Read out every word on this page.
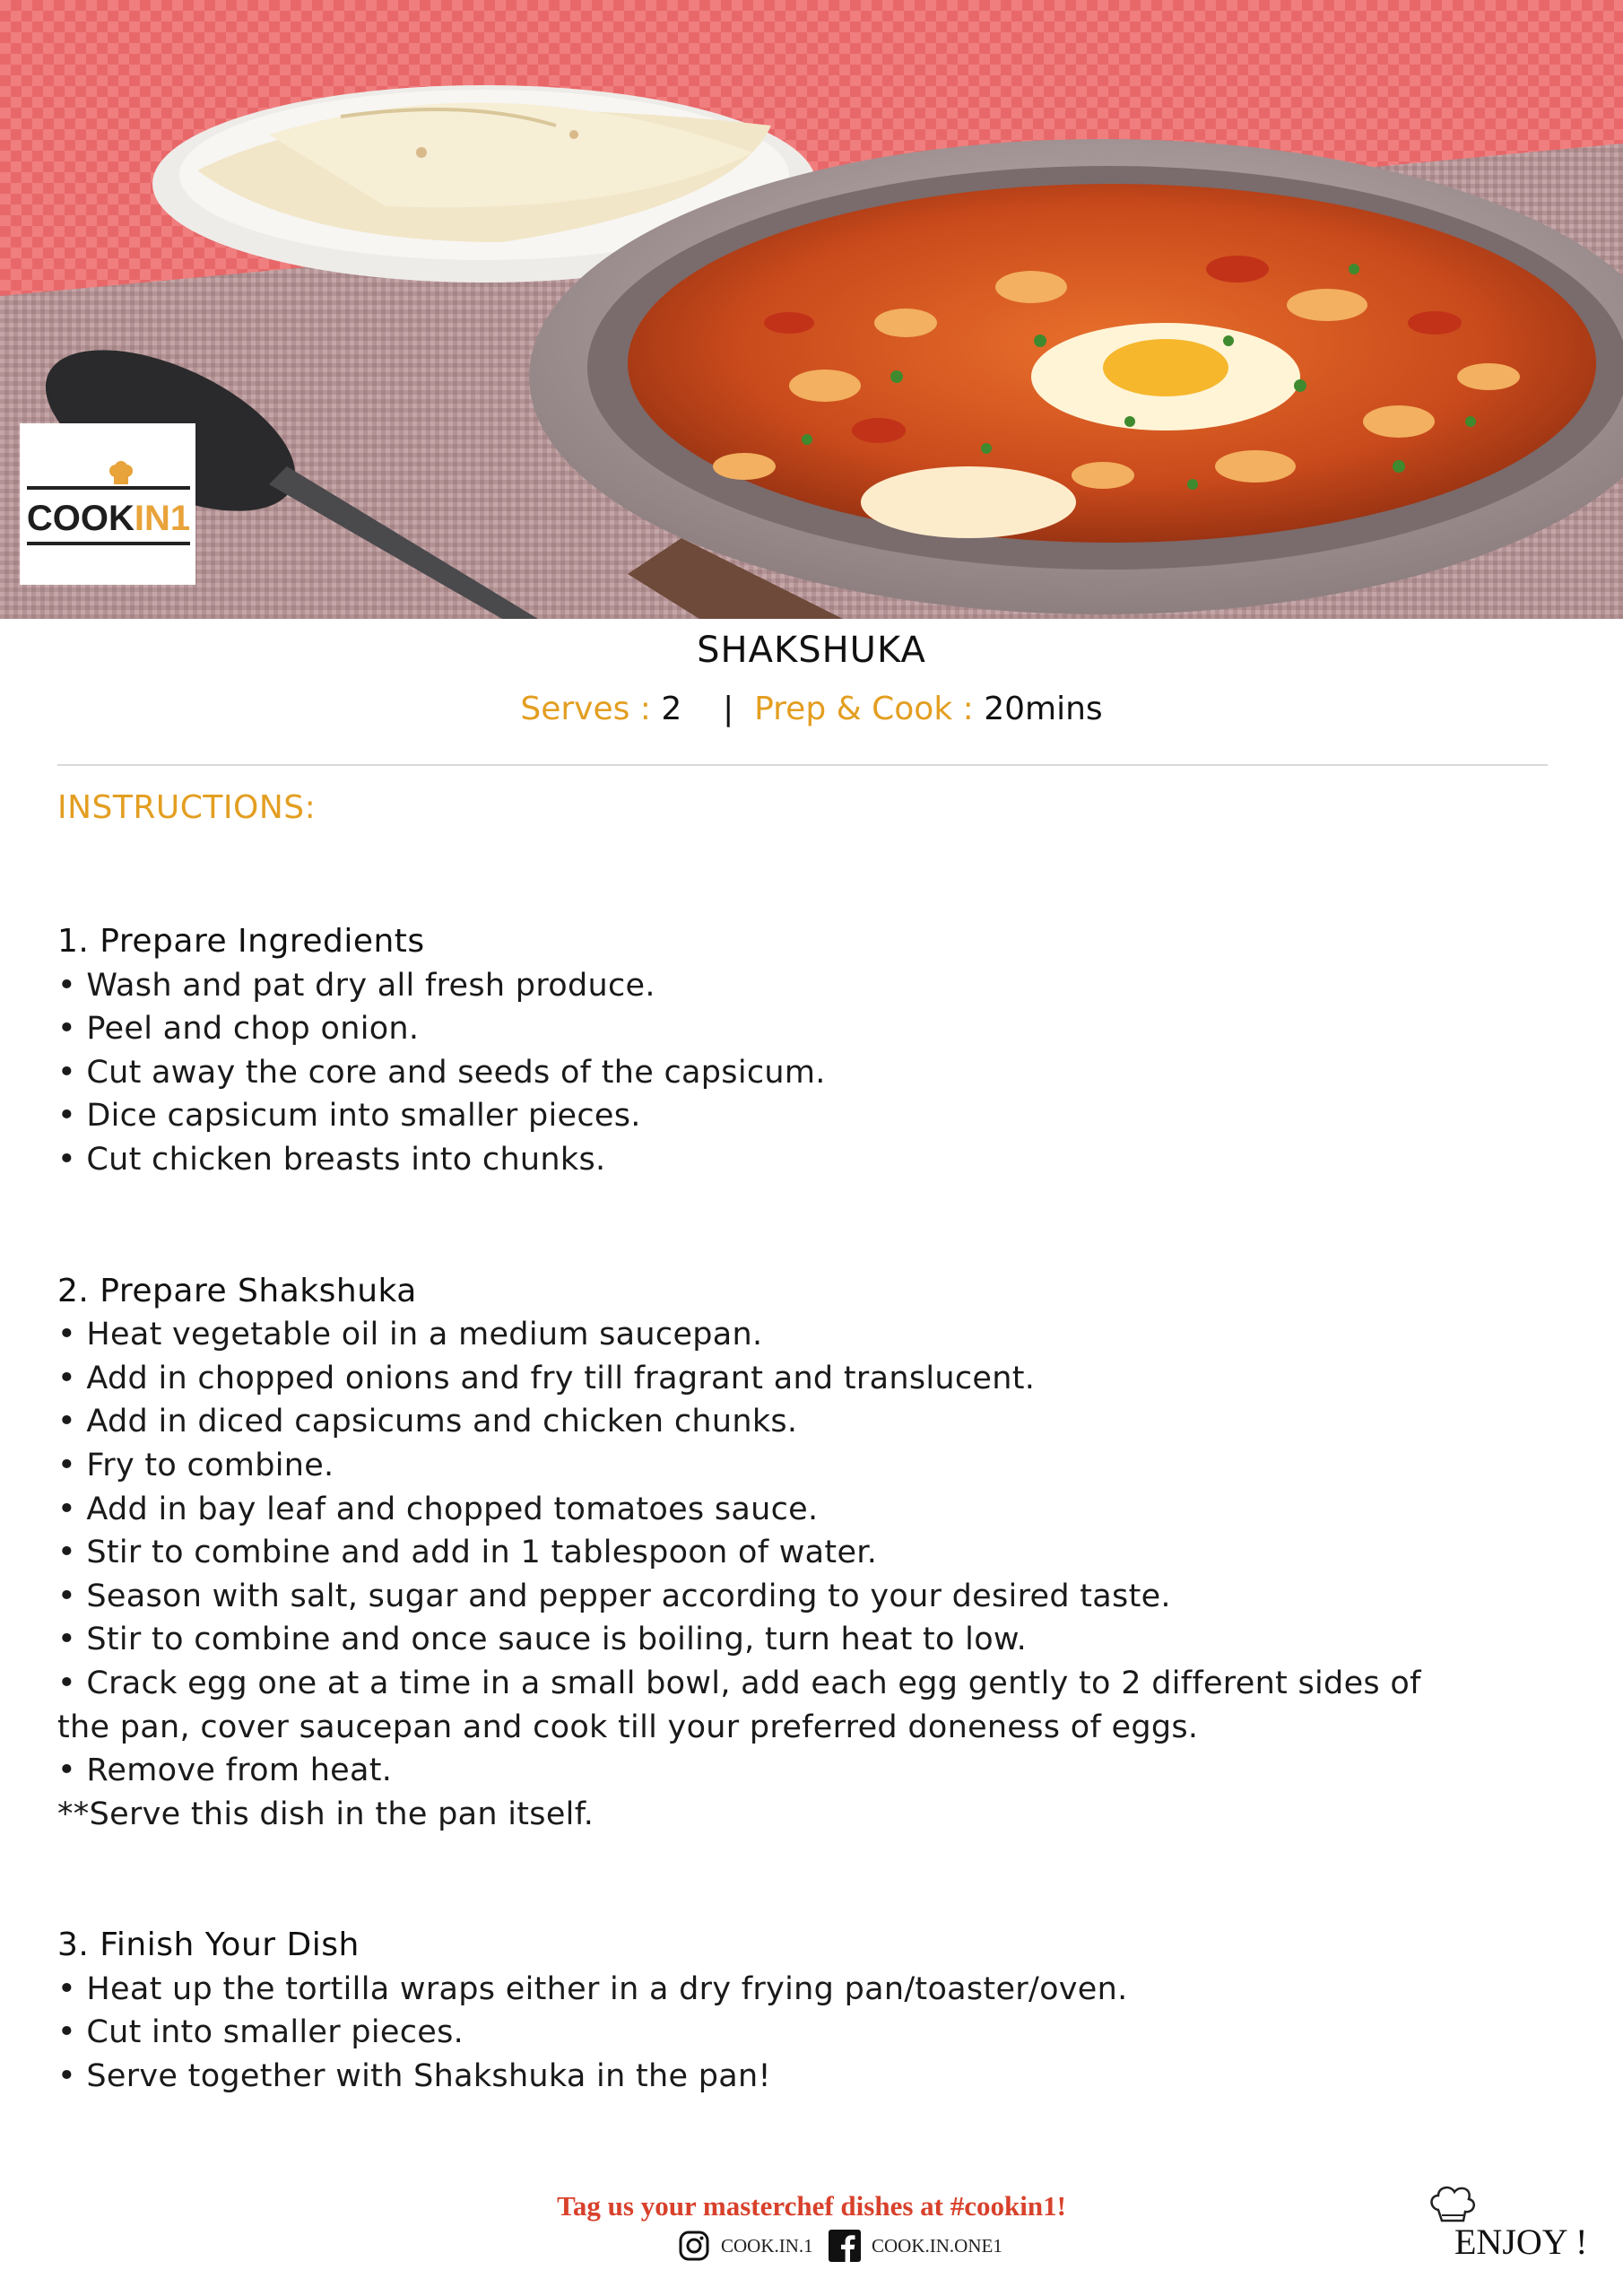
COOKIN1
SHAKSHUKA
Serves : 2 | Prep & Cook : 20mins
INSTRUCTIONS:
1. Prepare Ingredients
• Wash and pat dry all fresh produce.
• Peel and chop onion.
• Cut away the core and seeds of the capsicum.
• Dice capsicum into smaller pieces.
• Cut chicken breasts into chunks.
2. Prepare Shakshuka
• Heat vegetable oil in a medium saucepan.
• Add in chopped onions and fry till fragrant and translucent.
• Add in diced capsicums and chicken chunks.
• Fry to combine.
• Add in bay leaf and chopped tomatoes sauce.
• Stir to combine and add in 1 tablespoon of water.
• Season with salt, sugar and pepper according to your desired taste.
• Stir to combine and once sauce is boiling, turn heat to low.
• Crack egg one at a time in a small bowl, add each egg gently to 2 different sides of
the pan, cover saucepan and cook till your preferred doneness of eggs.
• Remove from heat.
**Serve this dish in the pan itself.
3. Finish Your Dish
• Heat up the tortilla wraps either in a dry frying pan/toaster/oven.
• Cut into smaller pieces.
• Serve together with Shakshuka in the pan!
Tag us your masterchef dishes at #cookin1!
COOK.IN.1	COOK.IN.ONE1	ENJOY !
